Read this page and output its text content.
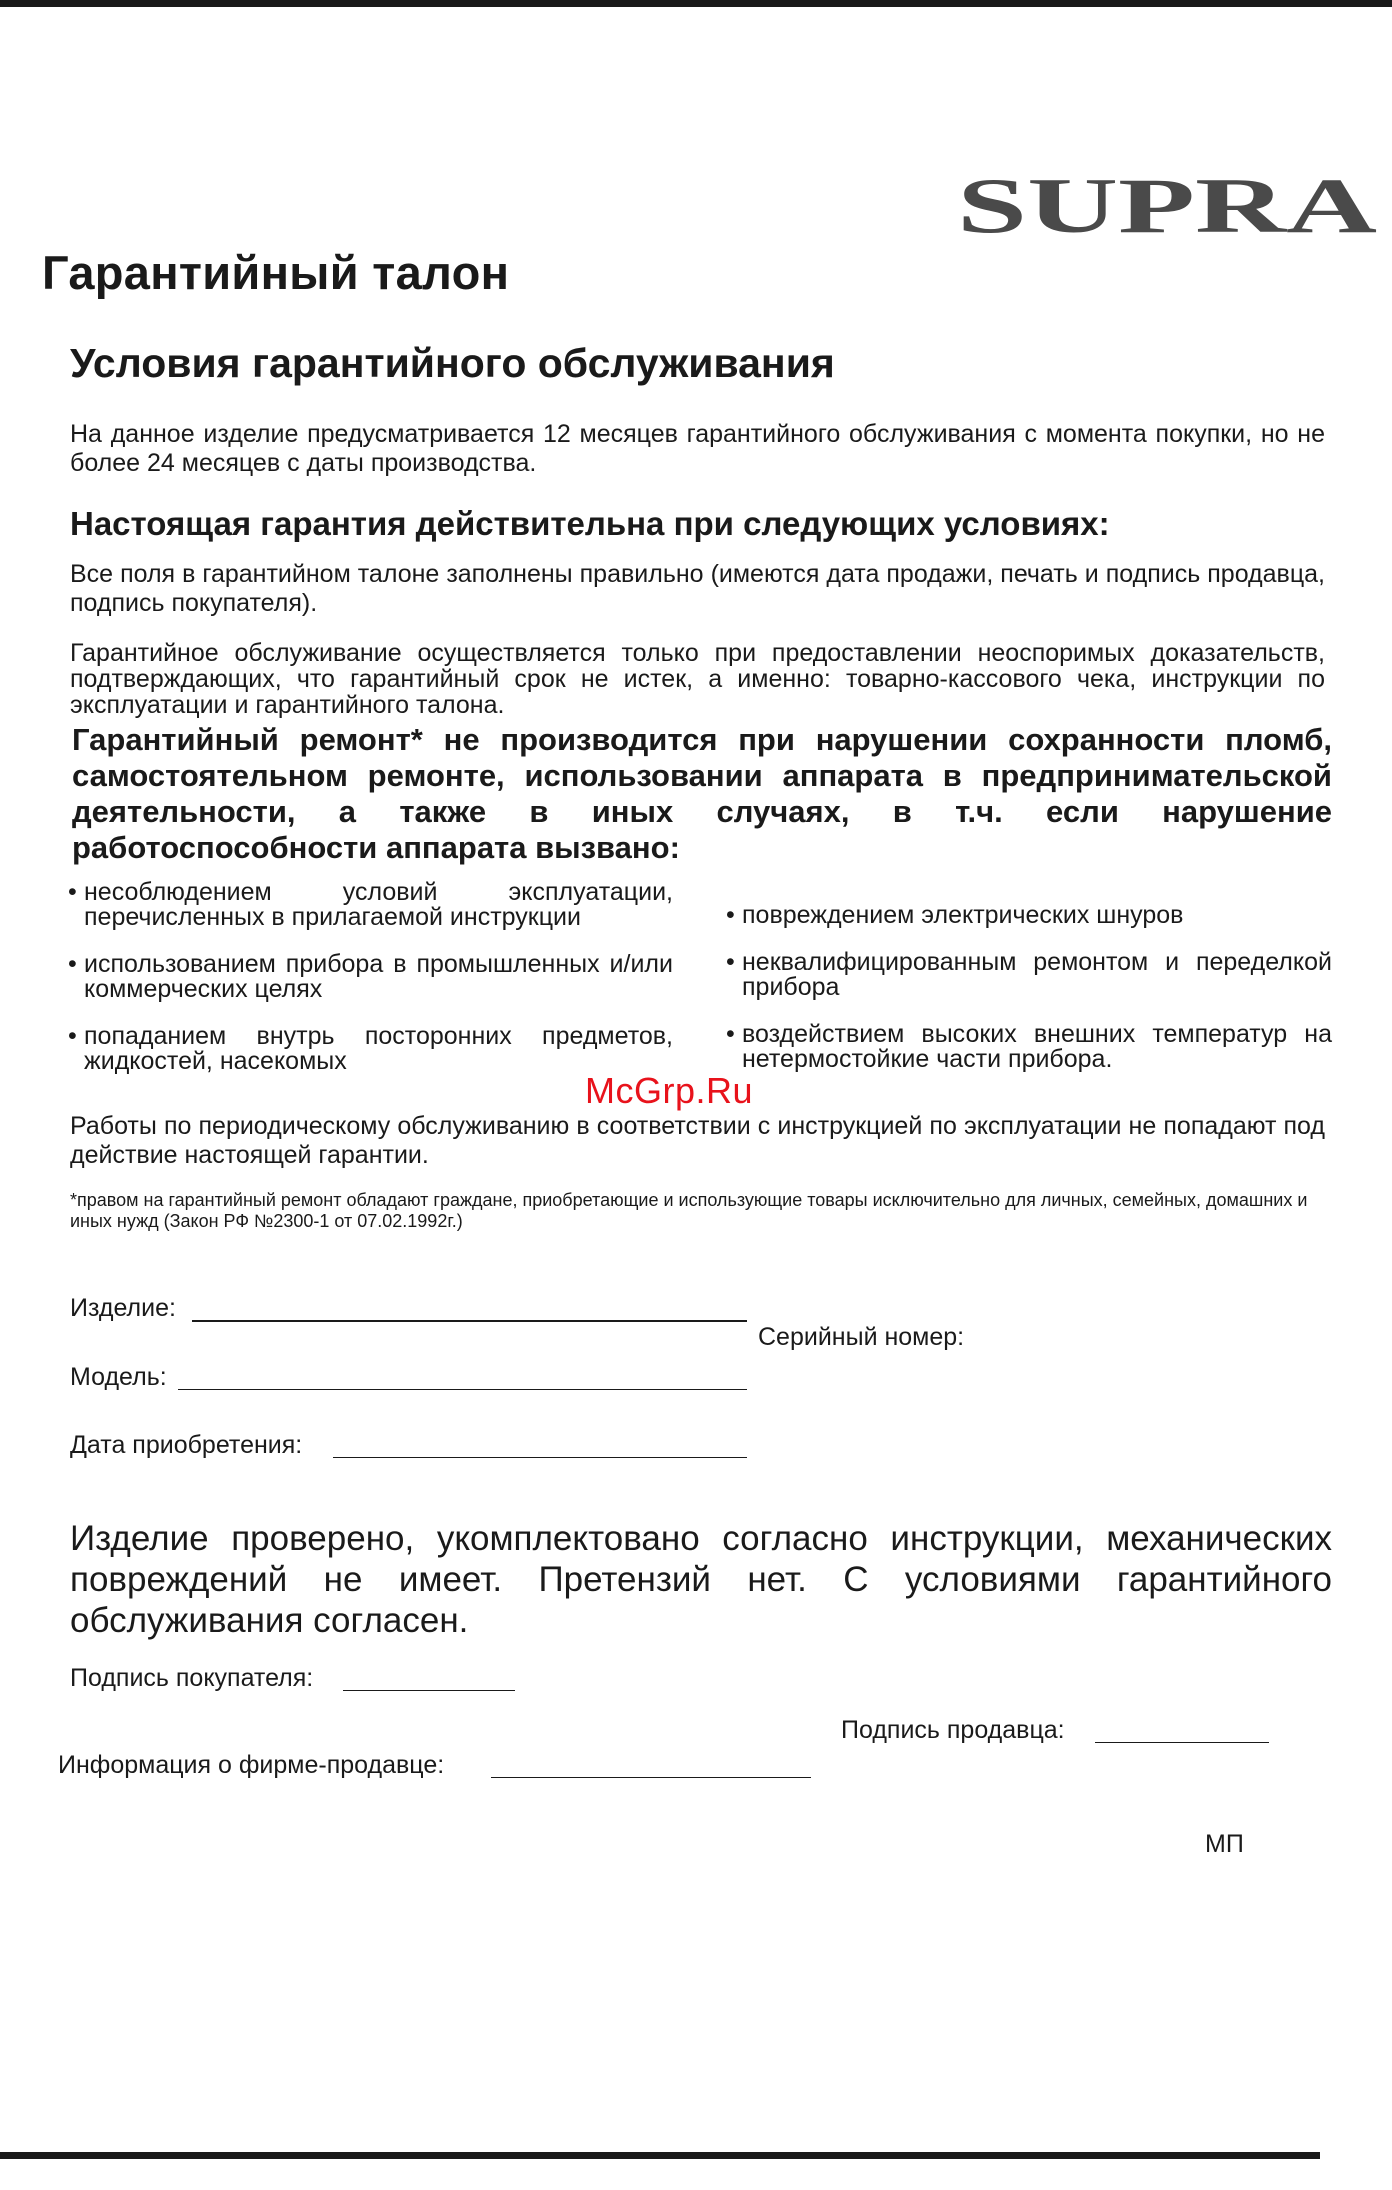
SUPRA
Гарантийный талон
Условия гарантийного обслуживания
На данное изделие предусматривается 12 месяцев гарантийного обслуживания с момента покупки, но не более 24 месяцев с даты производства.
Настоящая гарантия действительна при следующих условиях:
Все поля в гарантийном талоне заполнены правильно (имеются дата продажи, печать и подпись продавца, подпись покупателя).
Гарантийное обслуживание осуществляется только при предоставлении неоспоримых доказательств, подтверждающих, что гарантийный срок не истек, а именно: товарно-кассового чека, инструкции по эксплуатации и гарантийного талона.
Гарантийный ремонт* не производится при нарушении сохранности пломб, самостоятельном ремонте, использовании аппарата в предпринимательской деятельности, а также в иных случаях, в т.ч. если нарушение работоспособности аппарата вызвано:
• несоблюдением условий эксплуатации, перечисленных в прилагаемой инструкции
• использованием прибора в промышленных и/или коммерческих целях
• попаданием внутрь посторонних предметов, жидкостей, насекомых
• повреждением электрических шнуров
• неквалифицированным ремонтом и переделкой прибора
• воздействием высоких внешних температур на нетермостойкие части прибора.
Работы по периодическому обслуживанию в соответствии с инструкцией по эксплуатации не попадают под действие настоящей гарантии.
*правом на гарантийный ремонт обладают граждане, приобретающие и использующие товары исключительно для личных, семейных, домашних и иных нужд (Закон РФ №2300-1 от 07.02.1992г.)
Изделие:
Серийный номер:
Модель:
Дата приобретения:
Изделие проверено, укомплектовано согласно инструкции, механических повреждений не имеет. Претензий нет. С условиями гарантийного обслуживания согласен.
Подпись покупателя:
Подпись продавца:
Информация о фирме-продавце:
МП
McGrp.Ru
